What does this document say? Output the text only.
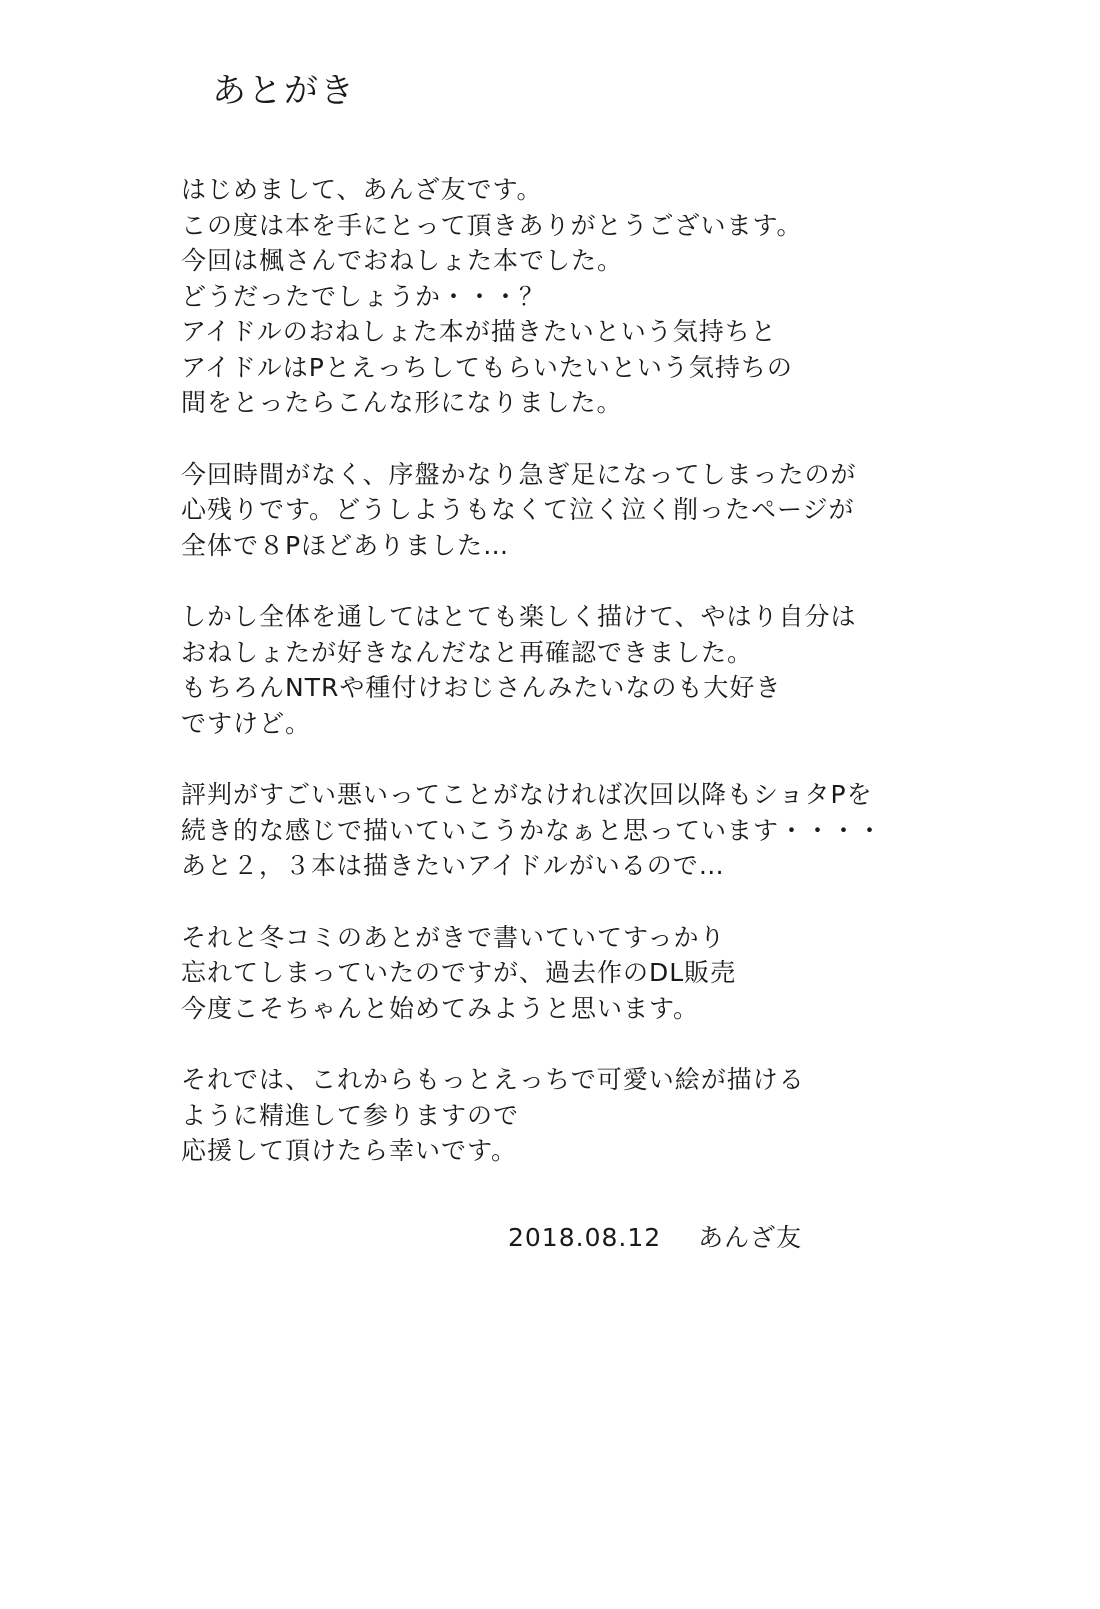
あとがき
はじめまして、あんざ友です。
この度は本を手にとって頂きありがとうございます。
今回は楓さんでおねしょた本でした。
どうだったでしょうか・・・？
アイドルのおねしょた本が描きたいという気持ちと
アイドルはPとえっちしてもらいたいという気持ちの
間をとったらこんな形になりました。
今回時間がなく、序盤かなり急ぎ足になってしまったのが
心残りです。どうしようもなくて泣く泣く削ったページが
全体で８Pほどありました…
しかし全体を通してはとても楽しく描けて、やはり自分は
おねしょたが好きなんだなと再確認できました。
もちろんNTRや種付けおじさんみたいなのも大好き
ですけど。
評判がすごい悪いってことがなければ次回以降もショタPを
続き的な感じで描いていこうかなぁと思っています・・・・
あと２，３本は描きたいアイドルがいるので…
それと冬コミのあとがきで書いていてすっかり
忘れてしまっていたのですが、過去作のDL販売
今度こそちゃんと始めてみようと思います。
それでは、これからもっとえっちで可愛い絵が描ける
ように精進して参りますので
応援して頂けたら幸いです。
2018.08.12 あんざ友
